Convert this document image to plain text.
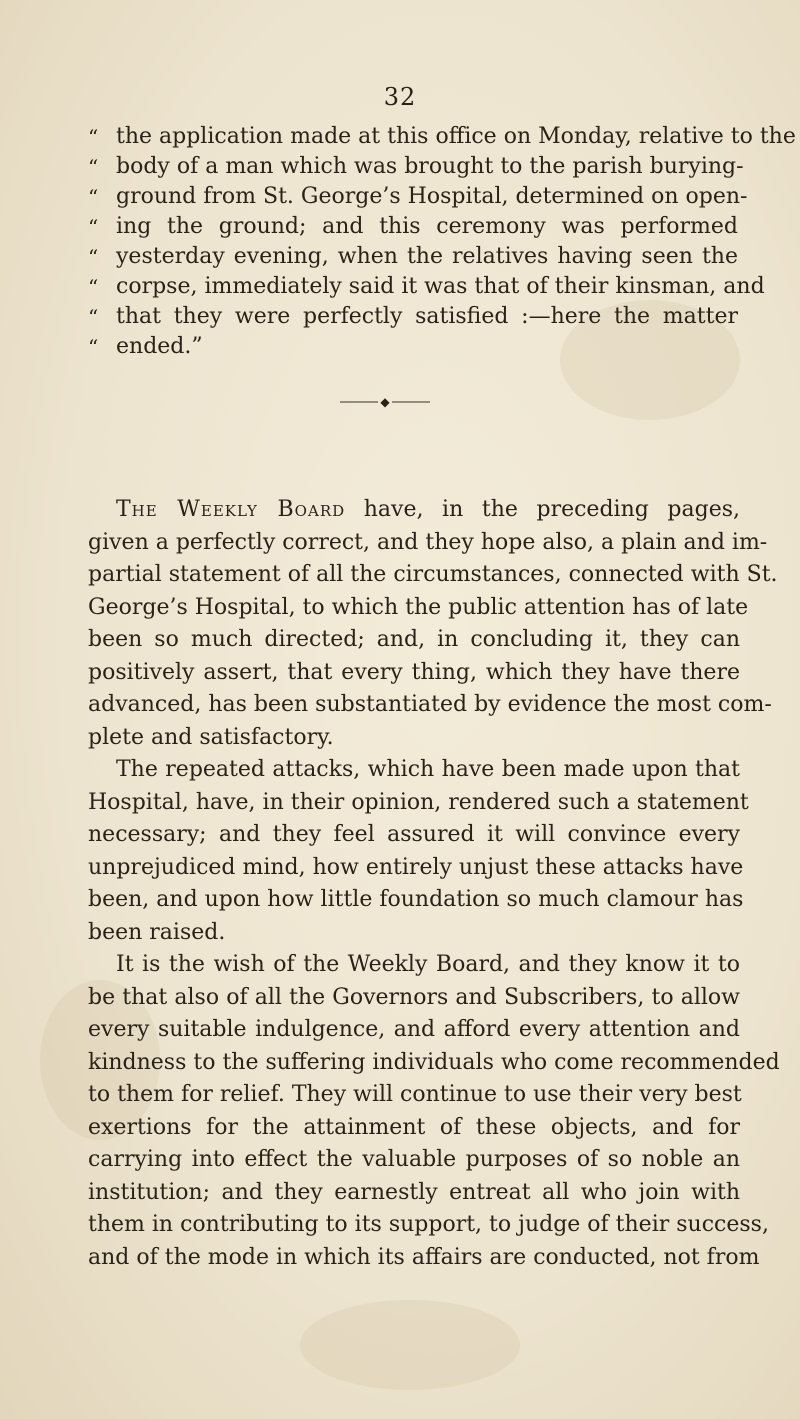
32
“ the application made at this office on Monday, relative to the
“ body of a man which was brought to the parish burying-
“ ground from St. George’s Hospital, determined on open-
“ ing the ground; and this ceremony was performed
“ yesterday evening, when the relatives having seen the
“ corpse, immediately said it was that of their kinsman, and
“ that they were perfectly satisfied :—here the matter
“ ended.”
◆
The Weekly Board have, in the preceding pages,
given a perfectly correct, and they hope also, a plain and im-
partial statement of all the circumstances, connected with St.
George’s Hospital, to which the public attention has of late
been so much directed; and, in concluding it, they can
positively assert, that every thing, which they have there
advanced, has been substantiated by evidence the most com-
plete and satisfactory.
The repeated attacks, which have been made upon that
Hospital, have, in their opinion, rendered such a statement
necessary; and they feel assured it will convince every
unprejudiced mind, how entirely unjust these attacks have
been, and upon how little foundation so much clamour has
been raised.
It is the wish of the Weekly Board, and they know it to
be that also of all the Governors and Subscribers, to allow
every suitable indulgence, and afford every attention and
kindness to the suffering individuals who come recommended
to them for relief. They will continue to use their very best
exertions for the attainment of these objects, and for
carrying into effect the valuable purposes of so noble an
institution; and they earnestly entreat all who join with
them in contributing to its support, to judge of their success,
and of the mode in which its affairs are conducted, not from
